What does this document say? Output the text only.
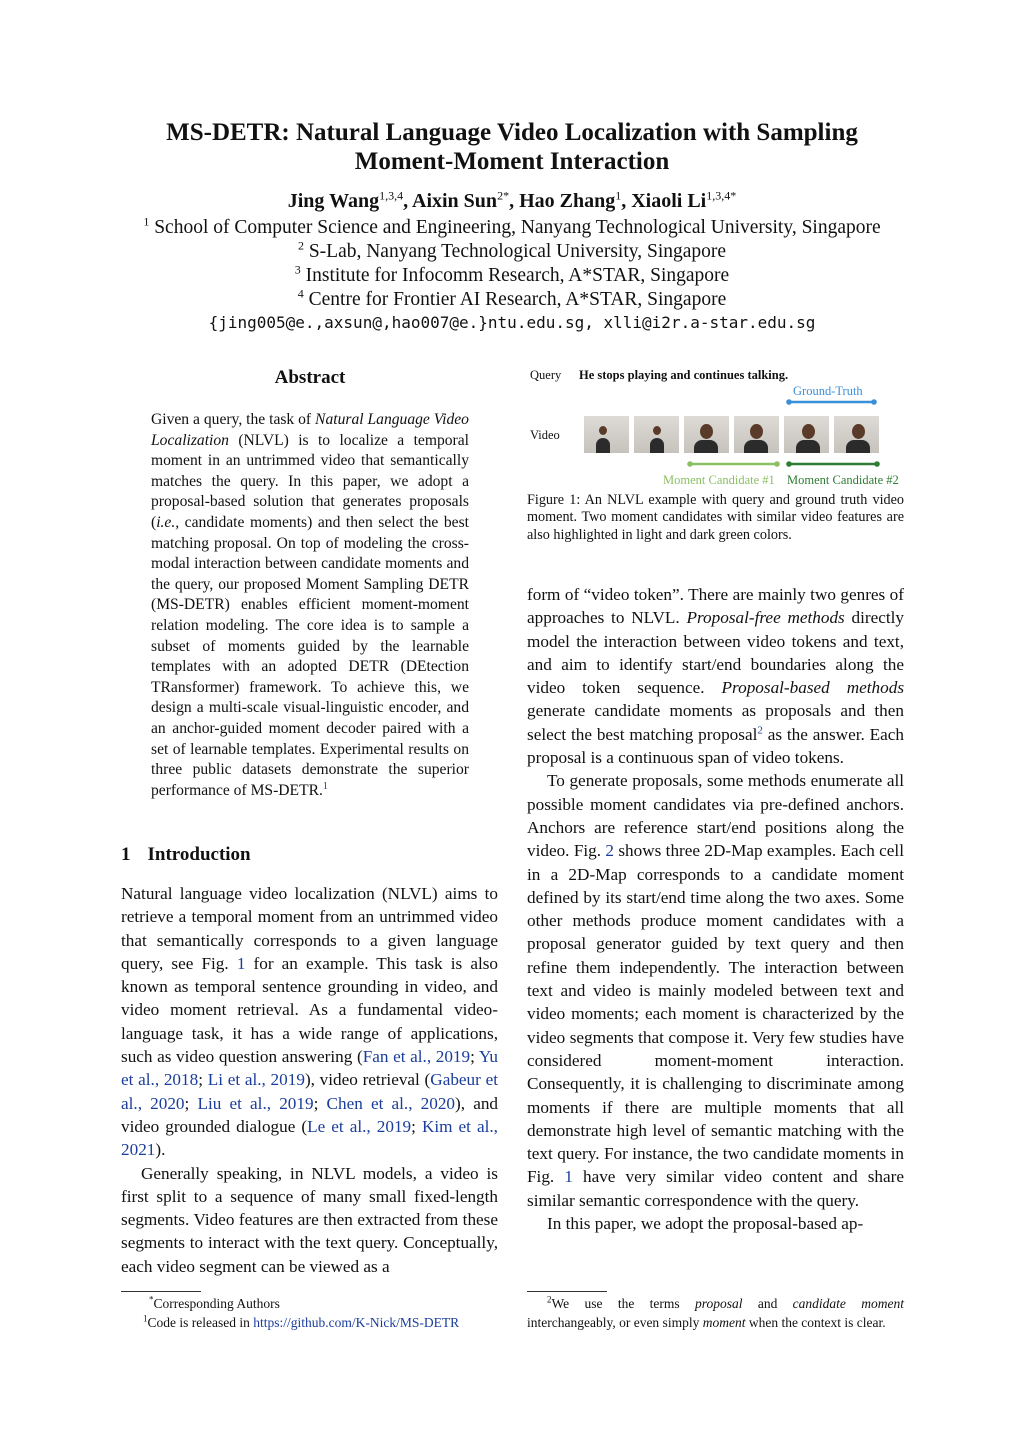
MS-DETR: Natural Language Video Localization with Sampling
Moment-Moment Interaction
Jing Wang$^{1,3,4}$, Aixin Sun$^{2*}$, Hao Zhang$^1$, Xiaoli $Li^{1,3,4*}$
$^1$ School of Computer Science and Engineering, Nanyang Technological University, Singapore
$^2$ S-Lab, Nanyang Technological University, Singapore
$^3$ Institute for Infocomm Research, A*STAR, Singapore
$^4$ Centre for Frontier AI Research, A*STAR, Singapore
{jing005@e.,axsun@,hao007@e.}ntu.edu.sg, xlli@i2r.a-star.edu.sg
Abstract
Given a query, the task of Natural Language Video Localization (NLVL) is to localize a temporal moment in an untrimmed video that semantically matches the query. In this paper, we adopt a proposal-based solution that generates proposals (i.e., candidate moments) and then select the best matching proposal. On top of modeling the cross-modal interaction between candidate moments and the query, our proposed Moment Sampling DETR (MS-DETR) enables efficient moment-moment relation modeling. The core idea is to sample a subset of moments guided by the learnable templates with an adopted DETR (DEtection TRansformer) framework. To achieve this, we design a multi-scale visual-linguistic encoder, and an anchor-guided moment decoder paired with a set of learnable templates. Experimental results on three public datasets demonstrate the superior performance of MS-DETR.$^1$
1 Introduction

Natural language video localization (NLVL) aims to retrieve a temporal moment from an untrimmed video that semantically corresponds to a given language query, see Fig. 1 for an example. This task is also known as temporal sentence grounding in video, and video moment retrieval. As a fundamental video-language task, it has a wide range of applications, such as video question answering (Fan et al., 2019; Yu et al., 2018; Li et al., 2019), video retrieval (Gabeur et al., 2020; Liu et al., 2019; Chen et al., 2020), and video grounded dialogue (Le et al., 2019; Kim et al., 2021).

Generally speaking, in NLVL models, a video is first split to a sequence of many small fixed-length segments. Video features are then extracted from these segments to interact with the text query. Conceptually, each video segment can be viewed as a

*Corresponding Authors
$^1$Code is released in https://github.com/K-Nick/MS-DETR
Query He stops playing and continues talking.
Ground-Truth
Video
Moment Candidate #1 Moment Candidate #2
Figure 1: An NLVL example with query and ground truth video moment. Two moment candidates with similar video features are also highlighted in light and dark green colors.

form of “video token”. There are mainly two genres of approaches to NLVL. Proposal-free methods directly model the interaction between video tokens and text, and aim to identify start/end boundaries along the video token sequence. Proposal-based methods generate candidate moments as proposals and then select the best matching proposal$^2$ as the answer. Each proposal is a continuous span of video tokens.

To generate proposals, some methods enumerate all possible moment candidates via pre-defined anchors. Anchors are reference start/end positions along the video. Fig. 2 shows three 2D-Map examples. Each cell in a 2D-Map corresponds to a candidate moment defined by its start/end time along the two axes. Some other methods produce moment candidates with a proposal generator guided by text query and then refine them independently. The interaction between text and video is mainly modeled between text and video moments; each moment is characterized by the video segments that compose it. Very few studies have considered moment-moment interaction. Consequently, it is challenging to discriminate among moments if there are multiple moments that all demonstrate high level of semantic matching with the text query. For instance, the two candidate moments in Fig. 1 have very similar video content and share similar semantic correspondence with the query.

In this paper, we adopt the proposal-based ap-

$^2$We use the terms proposal and candidate moment interchangeably, or even simply moment when the context is clear.
